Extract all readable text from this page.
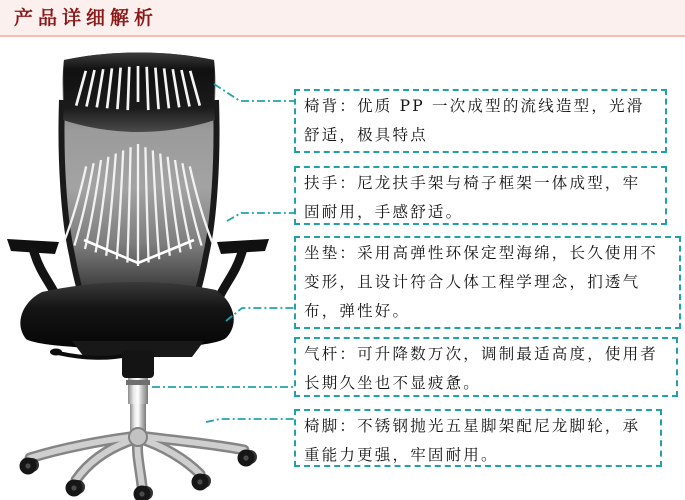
产品详细解析
椅背：优质 PP 一次成型的流线造型，光滑舒适，极具特点
扶手：尼龙扶手架与椅子框架一体成型，牢固耐用，手感舒适。
坐垫：采用高弹性环保定型海绵，长久使用不变形，且设计符合人体工程学理念，扪透气布，弹性好。
气杆：可升降数万次，调制最适高度，使用者长期久坐也不显疲惫。
椅脚：不锈钢抛光五星脚架配尼龙脚轮，承重能力更强，牢固耐用。
